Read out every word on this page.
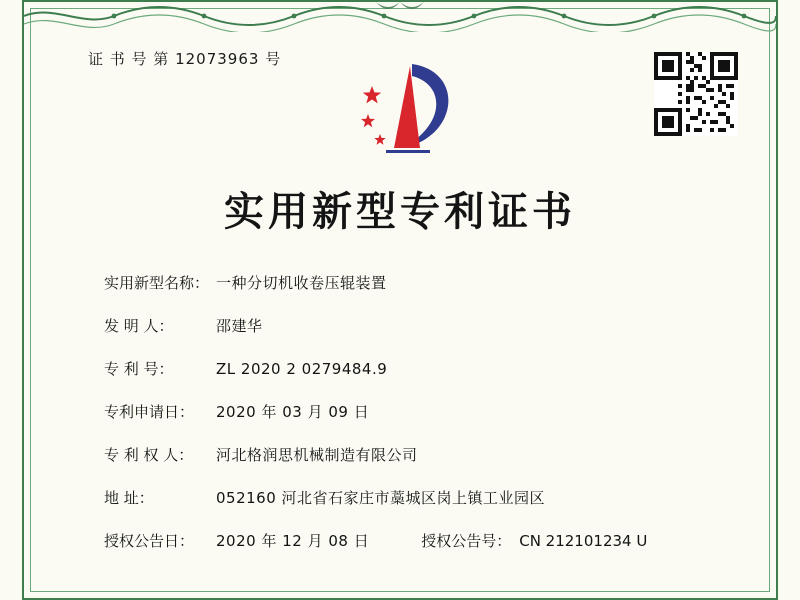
证 书 号 第 12073963 号
实用新型专利证书
实用新型名称： 一种分切机收卷压辊装置
发 明 人：	邵建华
专 利 号：	ZL 2020 2 0279484.9
专利申请日：	2020 年 03 月 09 日
专 利 权 人：	河北格润思机械制造有限公司
地 址：	052160 河北省石家庄市藁城区岗上镇工业园区
授权公告日：	2020 年 12 月 08 日	授权公告号： CN 212101234 U
